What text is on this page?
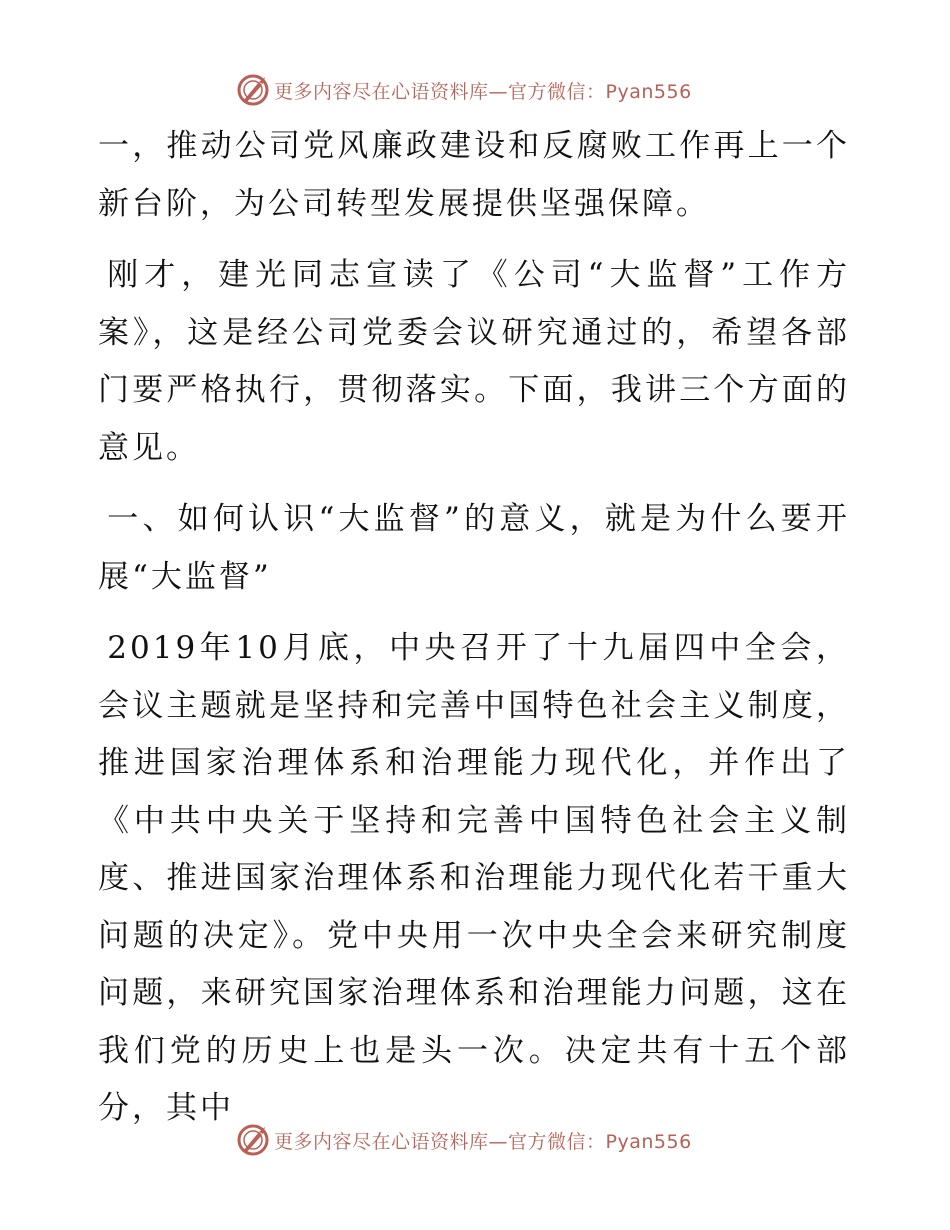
更多内容尽在心语资料库—官方微信：Pyan556

一，推动公司党风廉政建设和反腐败工作再上一个新台阶，为公司转型发展提供坚强保障。

刚才，建光同志宣读了《公司“大监督”工作方案》，这是经公司党委会议研究通过的，希望各部门要严格执行，贯彻落实。下面，我讲三个方面的意见。

一、如何认识“大监督”的意义，就是为什么要开展“大监督”

2019年10月底，中央召开了十九届四中全会，会议主题就是坚持和完善中国特色社会主义制度，推进国家治理体系和治理能力现代化，并作出了《中共中央关于坚持和完善中国特色社会主义制度、推进国家治理体系和治理能力现代化若干重大问题的决定》。党中央用一次中央全会来研究制度问题，来研究国家治理体系和治理能力问题，这在我们党的历史上也是头一次。决定共有十五个部分，其中

更多内容尽在心语资料库—官方微信：Pyan556
